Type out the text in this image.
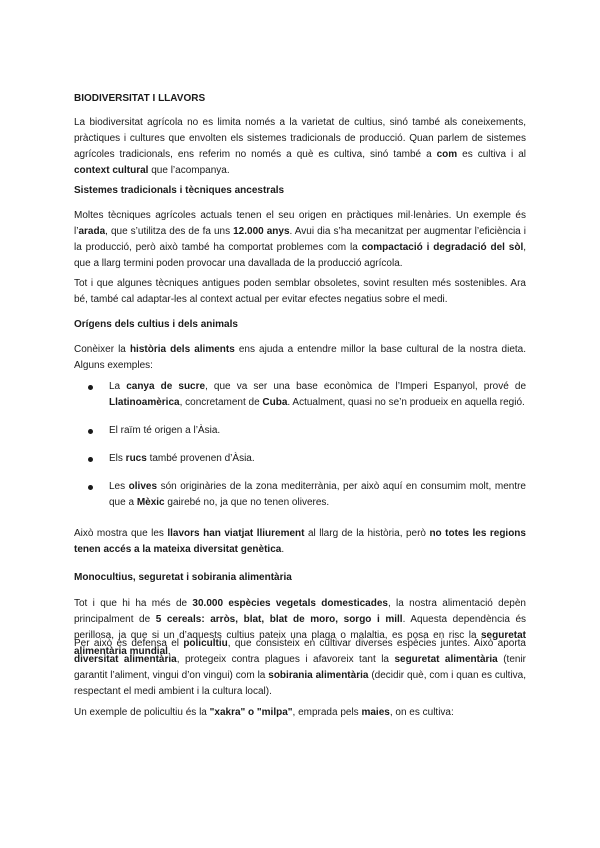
BIODIVERSITAT I LLAVORS

La biodiversitat agrícola no es limita només a la varietat de cultius, sinó també als coneixements, pràctiques i cultures que envolten els sistemes tradicionals de producció. Quan parlem de sistemes agrícoles tradicionals, ens referim no només a què es cultiva, sinó també a com es cultiva i al context cultural que l’acompanya.

Sistemes tradicionals i tècniques ancestrals

Moltes tècniques agrícoles actuals tenen el seu origen en pràctiques mil·lenàries. Un exemple és l’arada, que s’utilitza des de fa uns 12.000 anys. Avui dia s’ha mecanitzat per augmentar l’eficiència i la producció, però això també ha comportat problemes com la compactació i degradació del sòl, que a llarg termini poden provocar una davallada de la producció agrícola.

Tot i que algunes tècniques antigues poden semblar obsoletes, sovint resulten més sostenibles. Ara bé, també cal adaptar-les al context actual per evitar efectes negatius sobre el medi.

Orígens dels cultius i dels animals

Conèixer la història dels aliments ens ajuda a entendre millor la base cultural de la nostra dieta. Alguns exemples:

La canya de sucre, que va ser una base econòmica de l’Imperi Espanyol, prové de Llatinoamèrica, concretament de Cuba. Actualment, quasi no se’n produeix en aquella regió.
El raïm té origen a l’Àsia.
Els rucs també provenen d’Àsia.
Les olives són originàries de la zona mediterrània, per això aquí en consumim molt, mentre que a Mèxic gairebé no, ja que no tenen oliveres.

Això mostra que les llavors han viatjat lliurement al llarg de la història, però no totes les regions tenen accés a la mateixa diversitat genètica.

Monocultius, seguretat i sobirania alimentària

Tot i que hi ha més de 30.000 espècies vegetals domesticades, la nostra alimentació depèn principalment de 5 cereals: arròs, blat, blat de moro, sorgo i mill. Aquesta dependència és perillosa, ja que si un d’aquests cultius pateix una plaga o malaltia, es posa en risc la seguretat alimentària mundial.

Per això es defensa el policultiu, que consisteix en cultivar diverses espècies juntes. Això aporta diversitat alimentària, protegeix contra plagues i afavoreix tant la seguretat alimentària (tenir garantit l’aliment, vingui d’on vingui) com la sobirania alimentària (decidir què, com i quan es cultiva, respectant el medi ambient i la cultura local).

Un exemple de policultiu és la "xakra" o "milpa", emprada pels maies, on es cultiva:
